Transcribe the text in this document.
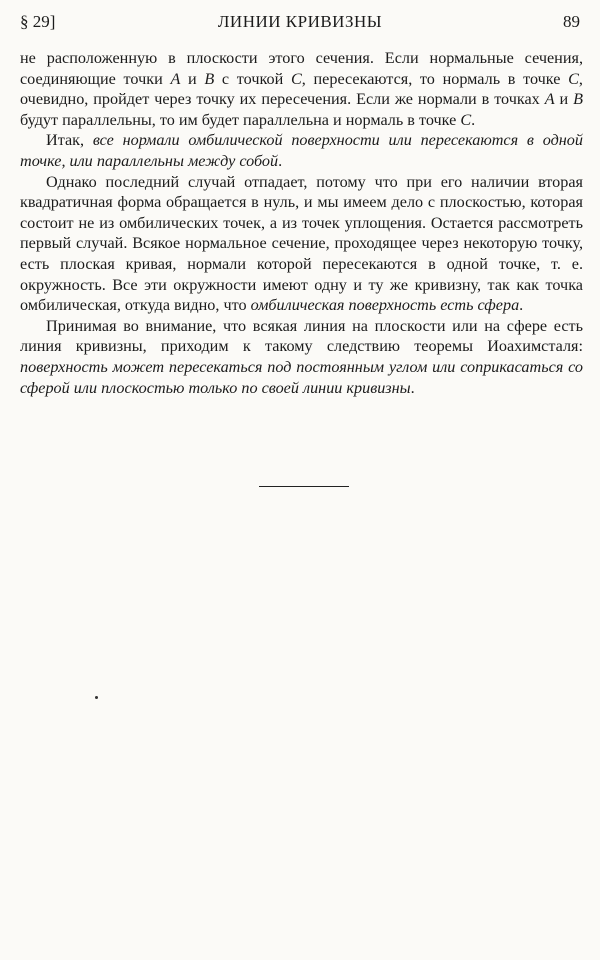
§ 29]	ЛИНИИ КРИВИЗНЫ	89

не расположенную в плоскости этого сечения. Если нормальные сечения, соединяющие точки A и B с точкой C, пересекаются, то нормаль в точке C, очевидно, пройдет через точку их пересечения. Если же нормали в точках A и B будут параллельны, то им будет параллельна и нормаль в точке C.

Итак, все нормали омбилической поверхности или пересекаются в одной точке, или параллельны между собой.

Однако последний случай отпадает, потому что при его наличии вторая квадратичная форма обращается в нуль, и мы имеем дело с плоскостью, которая состоит не из омбилических точек, а из точек уплощения. Остается рассмотреть первый случай. Всякое нормальное сечение, проходящее через некоторую точку, есть плоская кривая, нормали которой пересекаются в одной точке, т. е. окружность. Все эти окружности имеют одну и ту же кривизну, так как точка омбилическая, откуда видно, что омбилическая поверхность есть сфера.

Принимая во внимание, что всякая линия на плоскости или на сфере есть линия кривизны, приходим к такому следствию теоремы Иоахимсталя: поверхность может пересекаться под постоянным углом или соприкасаться со сферой или плоскостью только по своей линии кривизны.
